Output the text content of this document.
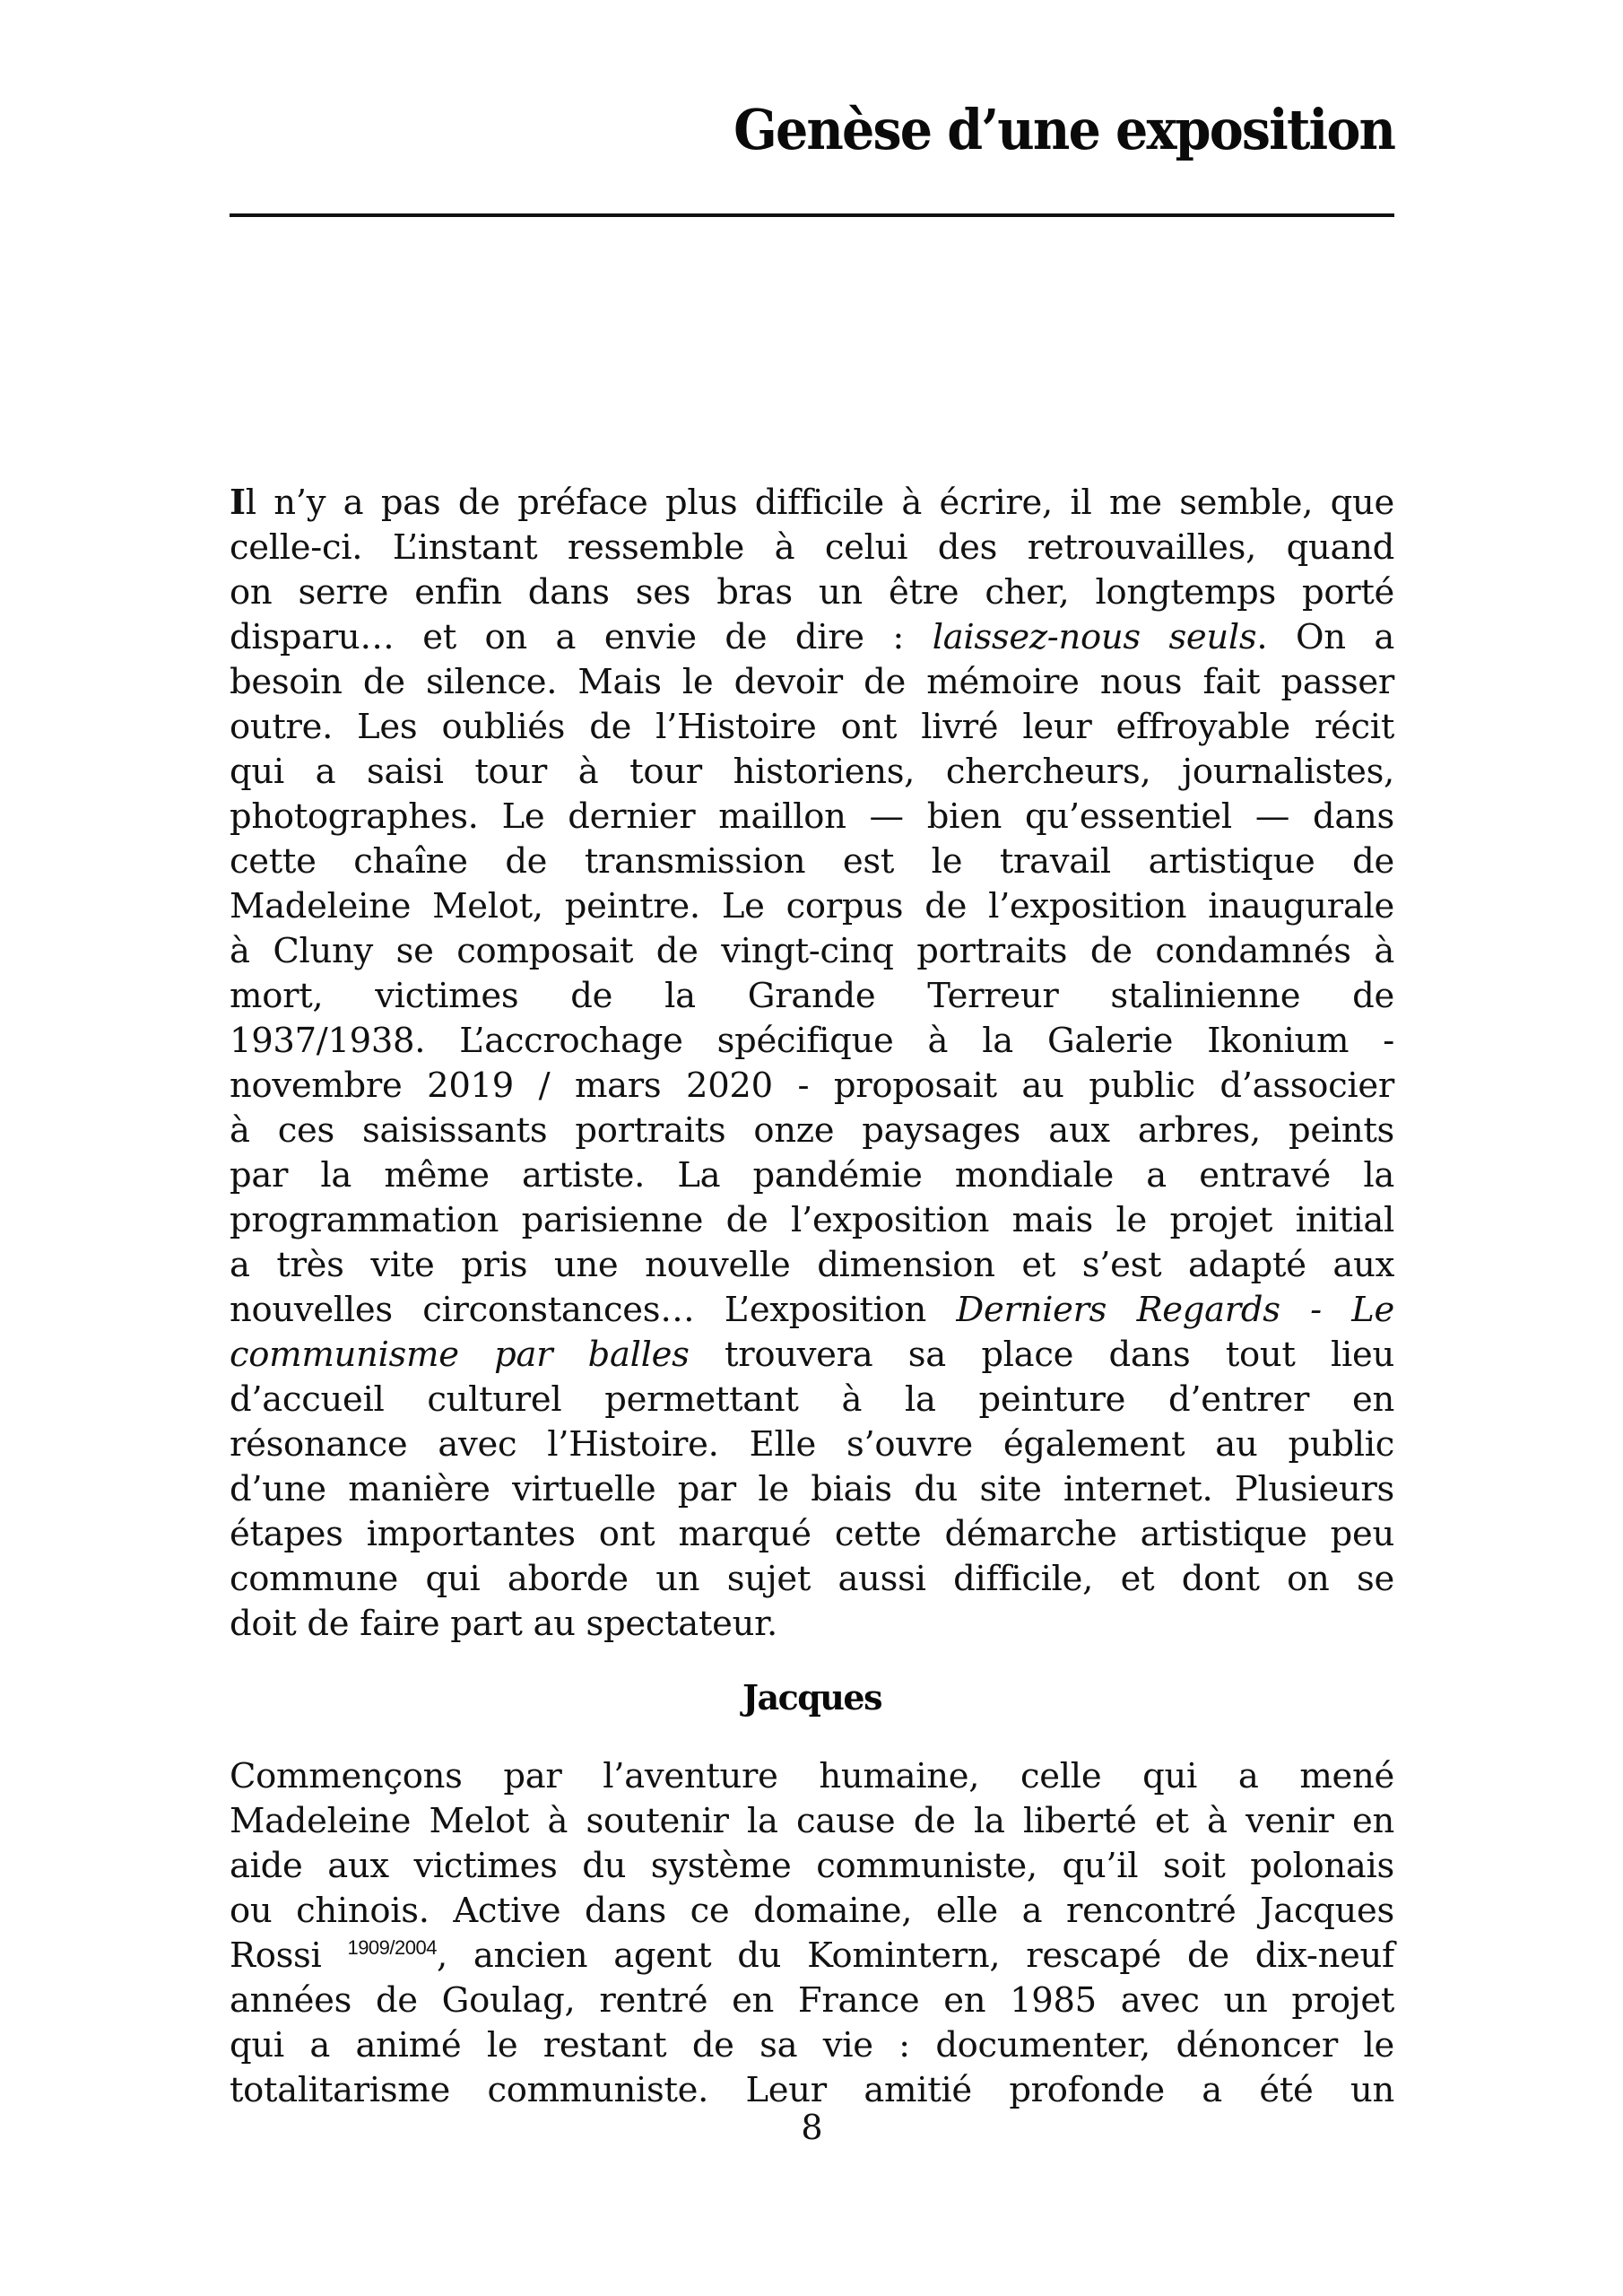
Genèse d’une exposition
Il n’y a pas de préface plus difficile à écrire, il me semble, que
celle-ci. L’instant ressemble à celui des retrouvailles, quand
on serre enfin dans ses bras un être cher, longtemps porté
disparu… et on a envie de dire : laissez-nous seuls. On a
besoin de silence. Mais le devoir de mémoire nous fait passer
outre. Les oubliés de l’Histoire ont livré leur effroyable récit
qui a saisi tour à tour historiens, chercheurs, journalistes,
photographes. Le dernier maillon — bien qu’essentiel — dans
cette chaîne de transmission est le travail artistique de
Madeleine Melot, peintre. Le corpus de l’exposition inaugurale
à Cluny se composait de vingt-cinq portraits de condamnés à
mort, victimes de la Grande Terreur stalinienne de
1937/1938. L’accrochage spécifique à la Galerie Ikonium -
novembre 2019 / mars 2020 - proposait au public d’associer
à ces saisissants portraits onze paysages aux arbres, peints
par la même artiste. La pandémie mondiale a entravé la
programmation parisienne de l’exposition mais le projet initial
a très vite pris une nouvelle dimension et s’est adapté aux
nouvelles circonstances… L’exposition Derniers Regards - Le
communisme par balles trouvera sa place dans tout lieu
d’accueil culturel permettant à la peinture d’entrer en
résonance avec l’Histoire. Elle s’ouvre également au public
d’une manière virtuelle par le biais du site internet. Plusieurs
étapes importantes ont marqué cette démarche artistique peu
commune qui aborde un sujet aussi difficile, et dont on se
doit de faire part au spectateur.
Jacques
Commençons par l’aventure humaine, celle qui a mené
Madeleine Melot à soutenir la cause de la liberté et à venir en
aide aux victimes du système communiste, qu’il soit polonais
ou chinois. Active dans ce domaine, elle a rencontré Jacques
Rossi $^{1909/2004}$, ancien agent du Komintern, rescapé de dix-neuf
années de Goulag, rentré en France en 1985 avec un projet
qui a animé le restant de sa vie : documenter, dénoncer le
totalitarisme communiste. Leur amitié profonde a été un
8
